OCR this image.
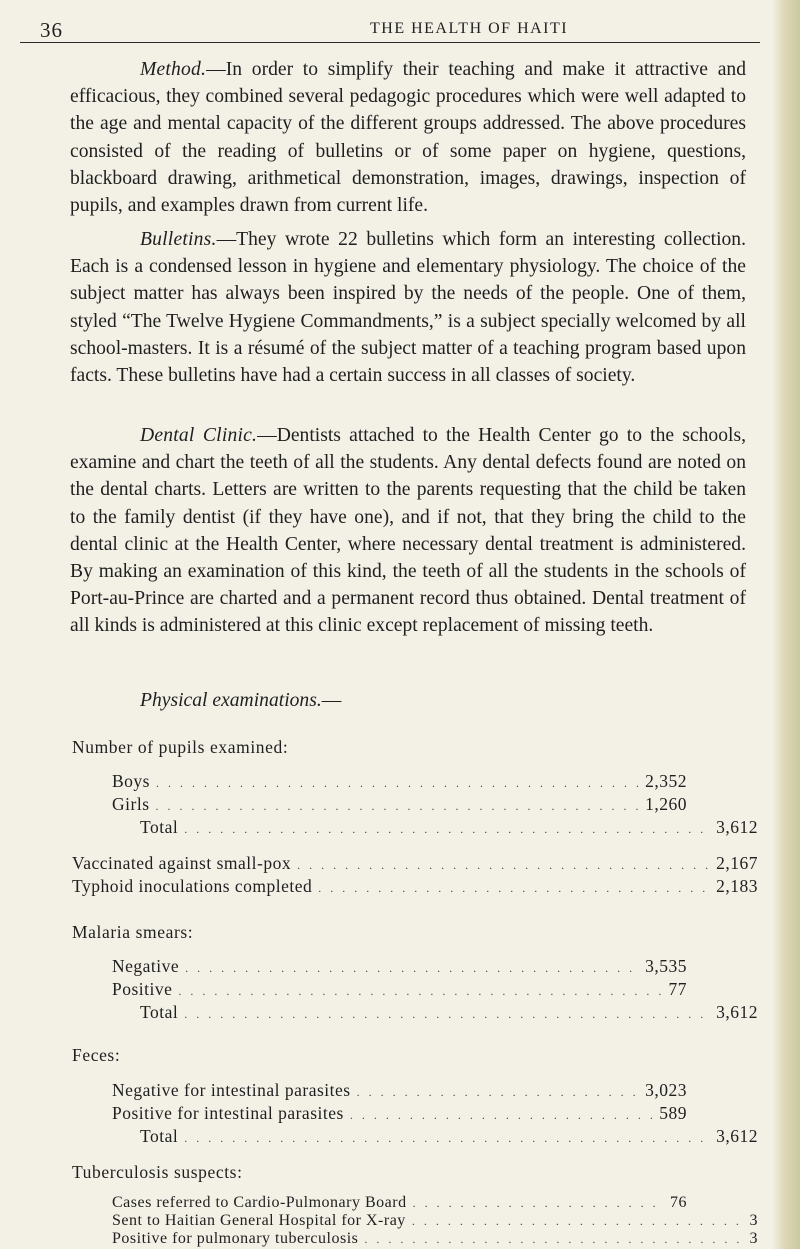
36	THE HEALTH OF HAITI

Method.—In order to simplify their teaching and make it attractive and efficacious, they combined several pedagogic procedures which were well adapted to the age and mental capacity of the different groups addressed. The above procedures consisted of the reading of bulletins or of some paper on hygiene, questions, blackboard drawing, arithmetical demonstration, images, drawings, inspection of pupils, and examples drawn from current life.

Bulletins.—They wrote 22 bulletins which form an interesting collection. Each is a condensed lesson in hygiene and elementary physiology. The choice of the subject matter has always been inspired by the needs of the people. One of them, styled “The Twelve Hygiene Commandments,” is a subject specially welcomed by all school-masters. It is a résumé of the subject matter of a teaching program based upon facts. These bulletins have had a certain success in all classes of society.

Dental Clinic.—Dentists attached to the Health Center go to the schools, examine and chart the teeth of all the students. Any dental defects found are noted on the dental charts. Letters are written to the parents requesting that the child be taken to the family dentist (if they have one), and if not, that they bring the child to the dental clinic at the Health Center, where necessary dental treatment is administered. By making an examination of this kind, the teeth of all the students in the schools of Port-au-Prince are charted and a permanent record thus obtained. Dental treatment of all kinds is administered at this clinic except replacement of missing teeth.

Physical examinations.—

Number of pupils examined:

Boys . . .	2,352
Girls . . .	1,260
Total . . .	3,612
Vaccinated against small-pox . . .	2,167
Typhoid inoculations completed . . .	2,183

Malaria smears:

Negative . . .	3,535
Positive . . .	77
Total . . .	3,612

Feces:

Negative for intestinal parasites . . .	3,023
Positive for intestinal parasites . . .	589
Total . . .	3,612

Tuberculosis suspects:

Cases referred to Cardio-Pulmonary Board . . .	76
Sent to Haitian General Hospital for X-ray . . .	3
Positive for pulmonary tuberculosis . . .	3
